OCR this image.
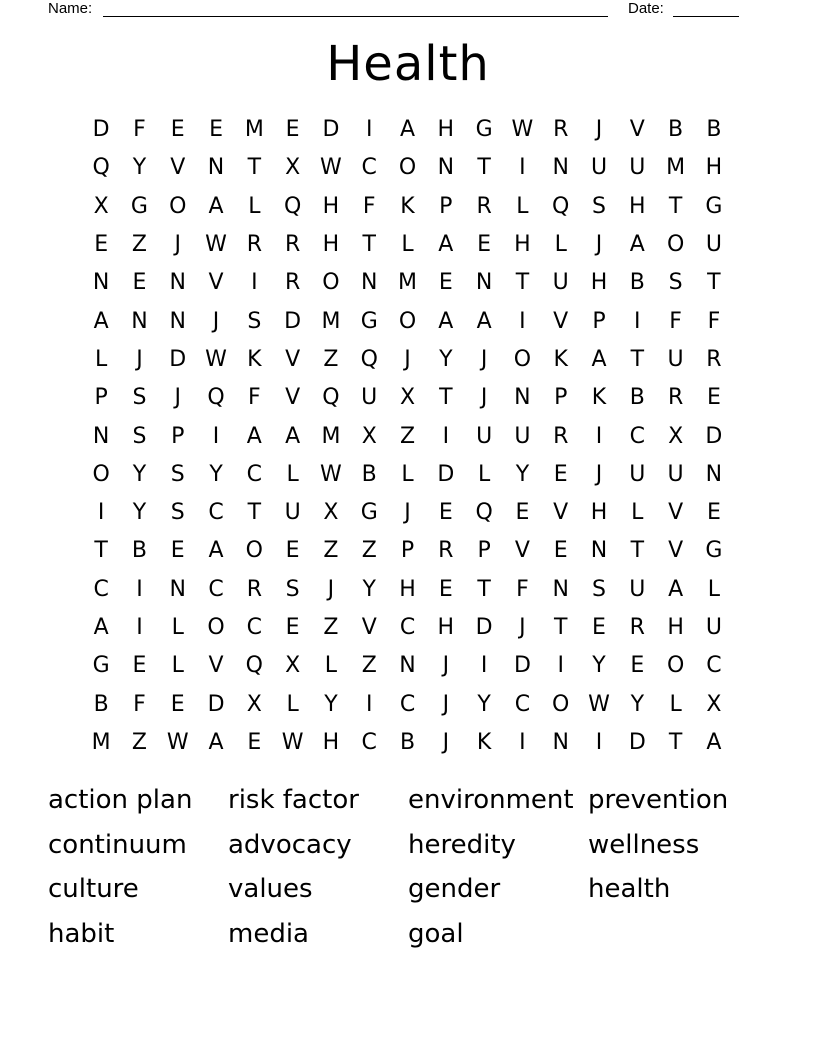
Name:	Date:
Health
D	F	E	E M E	D	I	A	H G W R	J	V	B	B
Q	Y	V	N	T	X W C O N	T	I	N	U	U M H
X	G O	A	L	Q H	F	K	P	R	L	Q	S	H	T	G
E	Z	J	W R	R	H	T	L	A	E	H	L	J	A	O U
N	E	N	V	I	R O N M E	N	T	U H	B	S	T
A	N N	J	S	D M G O	A	A	I	V	P	I	F	F
L	J	D W K	V	Z	Q	J	Y	J	O	K	A	T	U	R
P	S	J	Q	F	V	Q U	X	T	J	N	P	K	B	R	E
N	S	P	I	A	A M X	Z	I	U	U	R	I	C	X	D
O	Y	S	Y	C	L W B	L	D	L	Y	E	J	U	U	N
I	Y	S	C	T	U	X	G	J	E	Q	E	V	H	L	V	E
T	B	E	A	O	E	Z	Z	P	R	P	V	E	N	T	V	G
C	I	N	C	R	S	J	Y	H	E	T	F	N	S	U	A	L
A	I	L	O C	E	Z	V	C	H D	J	T	E	R	H U
G	E	L	V	Q	X	L	Z	N	J	I	D	I	Y	E	O C
B	F	E	D	X	L	Y	I	C	J	Y	C O W Y	L	X
M Z W A	E W H	C	B	J	K	I	N	I	D	T	A
action plan	risk factor	environment prevention
continuum	advocacy	heredity	wellness
culture	values	gender	health
habit	media	goal
